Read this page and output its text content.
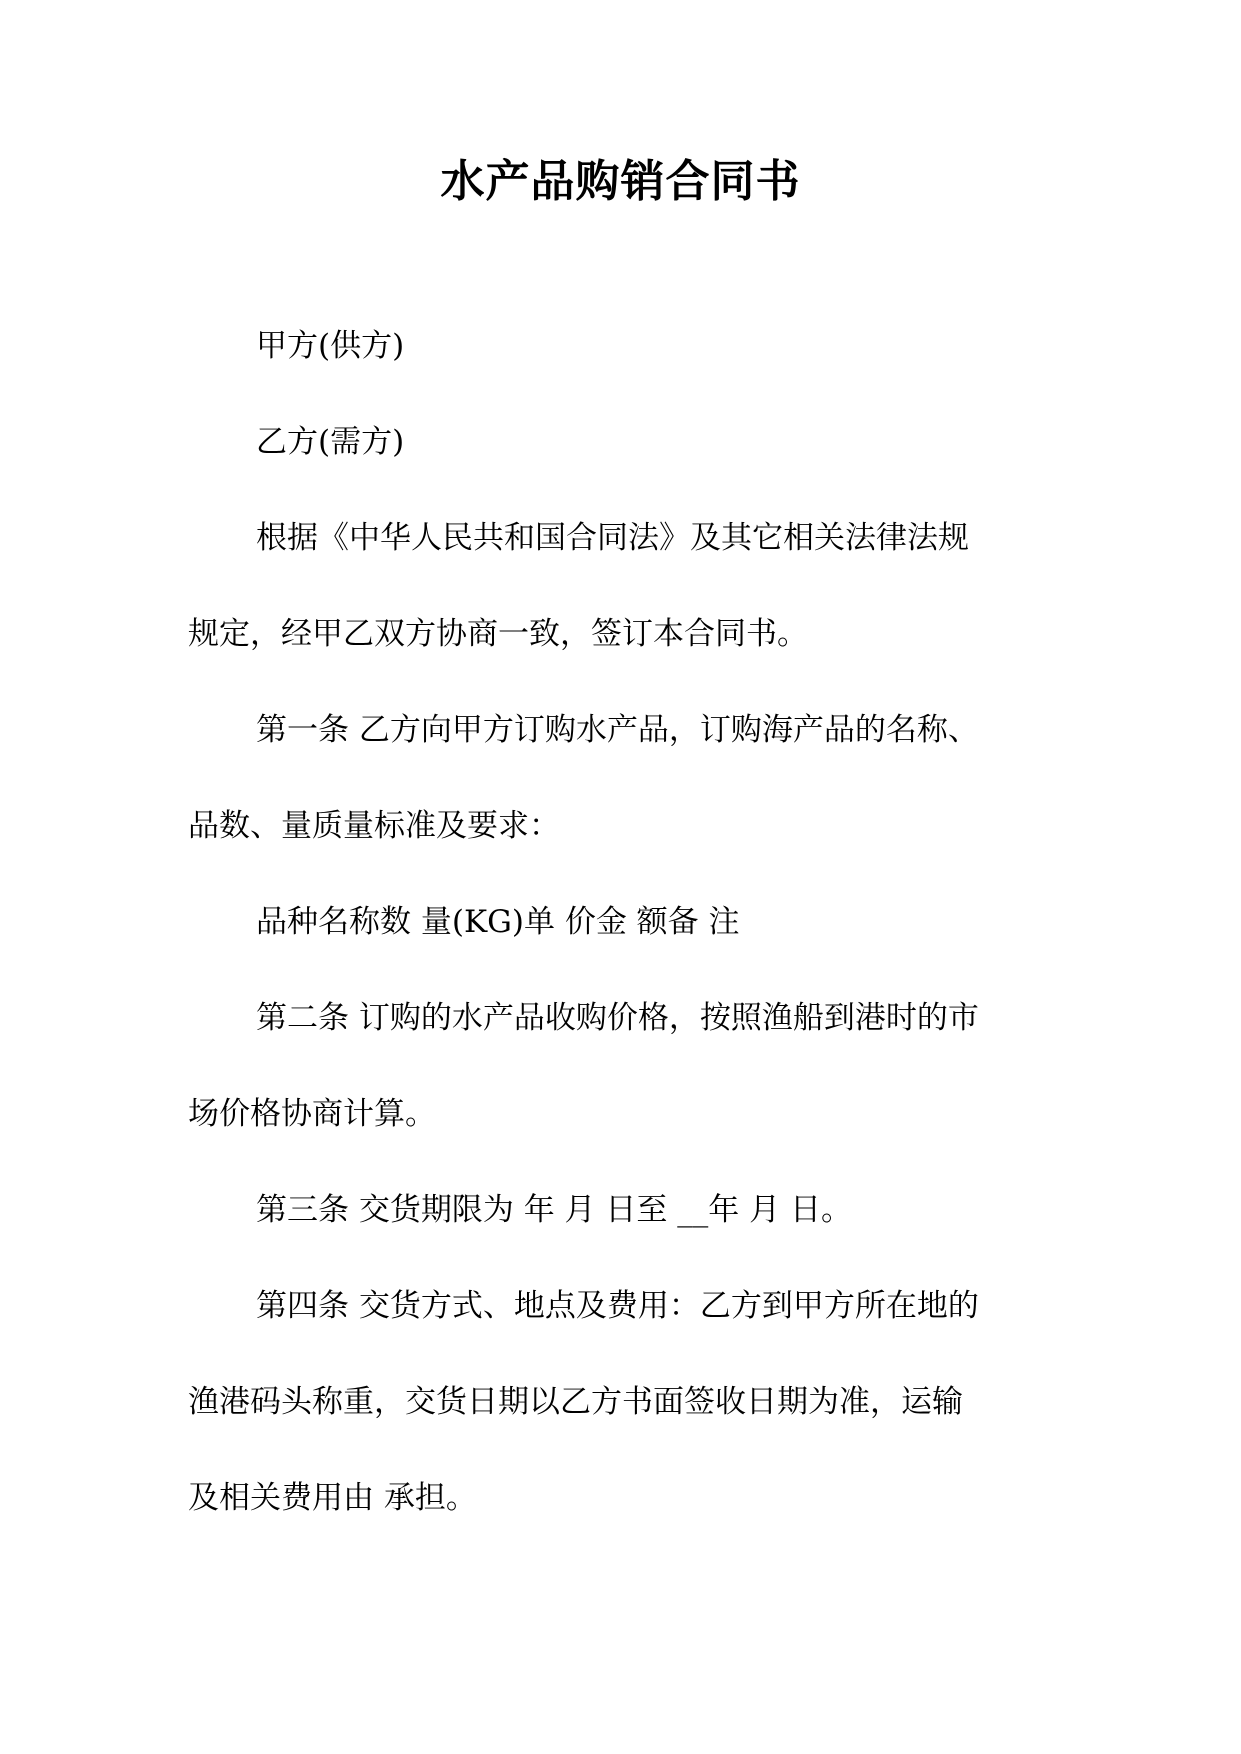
水产品购销合同书

甲方(供方)

乙方(需方)

根据《中华人民共和国合同法》及其它相关法律法规
规定，经甲乙双方协商一致，签订本合同书。

第一条 乙方向甲方订购水产品，订购海产品的名称、
品数、量质量标准及要求：

品种名称数 量(KG)单 价金 额备 注

第二条 订购的水产品收购价格，按照渔船到港时的市
场价格协商计算。

第三条 交货期限为 年 月 日至 __年 月 日。

第四条 交货方式、地点及费用：乙方到甲方所在地的
渔港码头称重，交货日期以乙方书面签收日期为准，运输
及相关费用由 承担。
